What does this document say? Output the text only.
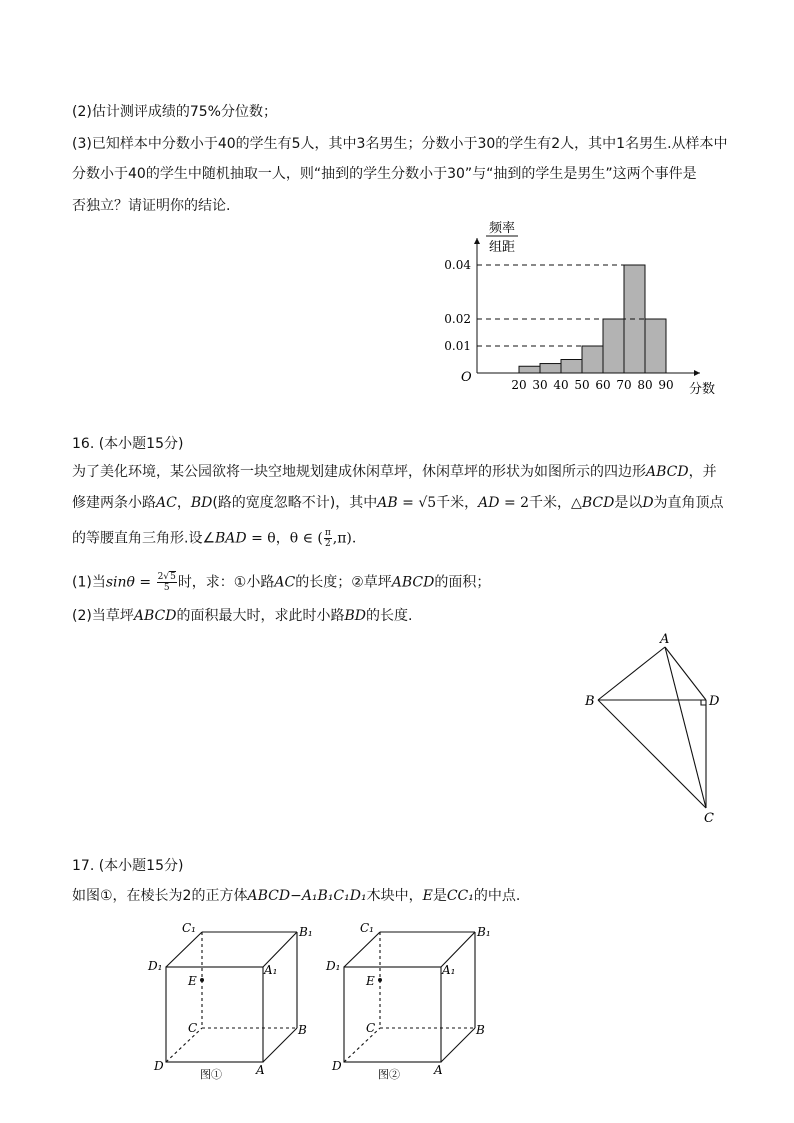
(2)估计测评成绩的75%分位数；
(3)已知样本中分数小于40的学生有5人，其中3名男生；分数小于30的学生有2人，其中1名男生.从样本中
分数小于40的学生中随机抽取一人，则“抽到的学生分数小于30”与“抽到的学生是男生”这两个事件是
否独立？请证明你的结论.
0.01
0.02
0.04
20 30 40 50 60 70 80 90
O
分数
频率
组距
16. (本小题15分)
为了美化环境，某公园欲将一块空地规划建成休闲草坪，休闲草坪的形状为如图所示的四边形ABCD，并
修建两条小路AC，BD(路的宽度忽略不计)，其中AB = √5千米，AD = 2千米，△BCD是以D为直角顶点
的等腰直角三角形.设∠BAD = θ，θ ∈ ( $\frac{\pi}{2} ,\pi$).
(1)当$\sin\theta = \frac{2√5}{5}$ 时，求：①小路AC的长度；②草坪ABCD的面积；
(2)当草坪ABCD的面积最大时，求此时小路BD的长度.
A
B	D
C
17. (本小题15分)
如图①，在棱长为2的正方体ABCD−A₁B₁C₁D₁木块中，E是CC₁的中点.
C₁	B₁
D₁	A₁
E
C	B
D	A
图①
C₁	B₁
D₁	A₁
E
C	B
D	A
图②
